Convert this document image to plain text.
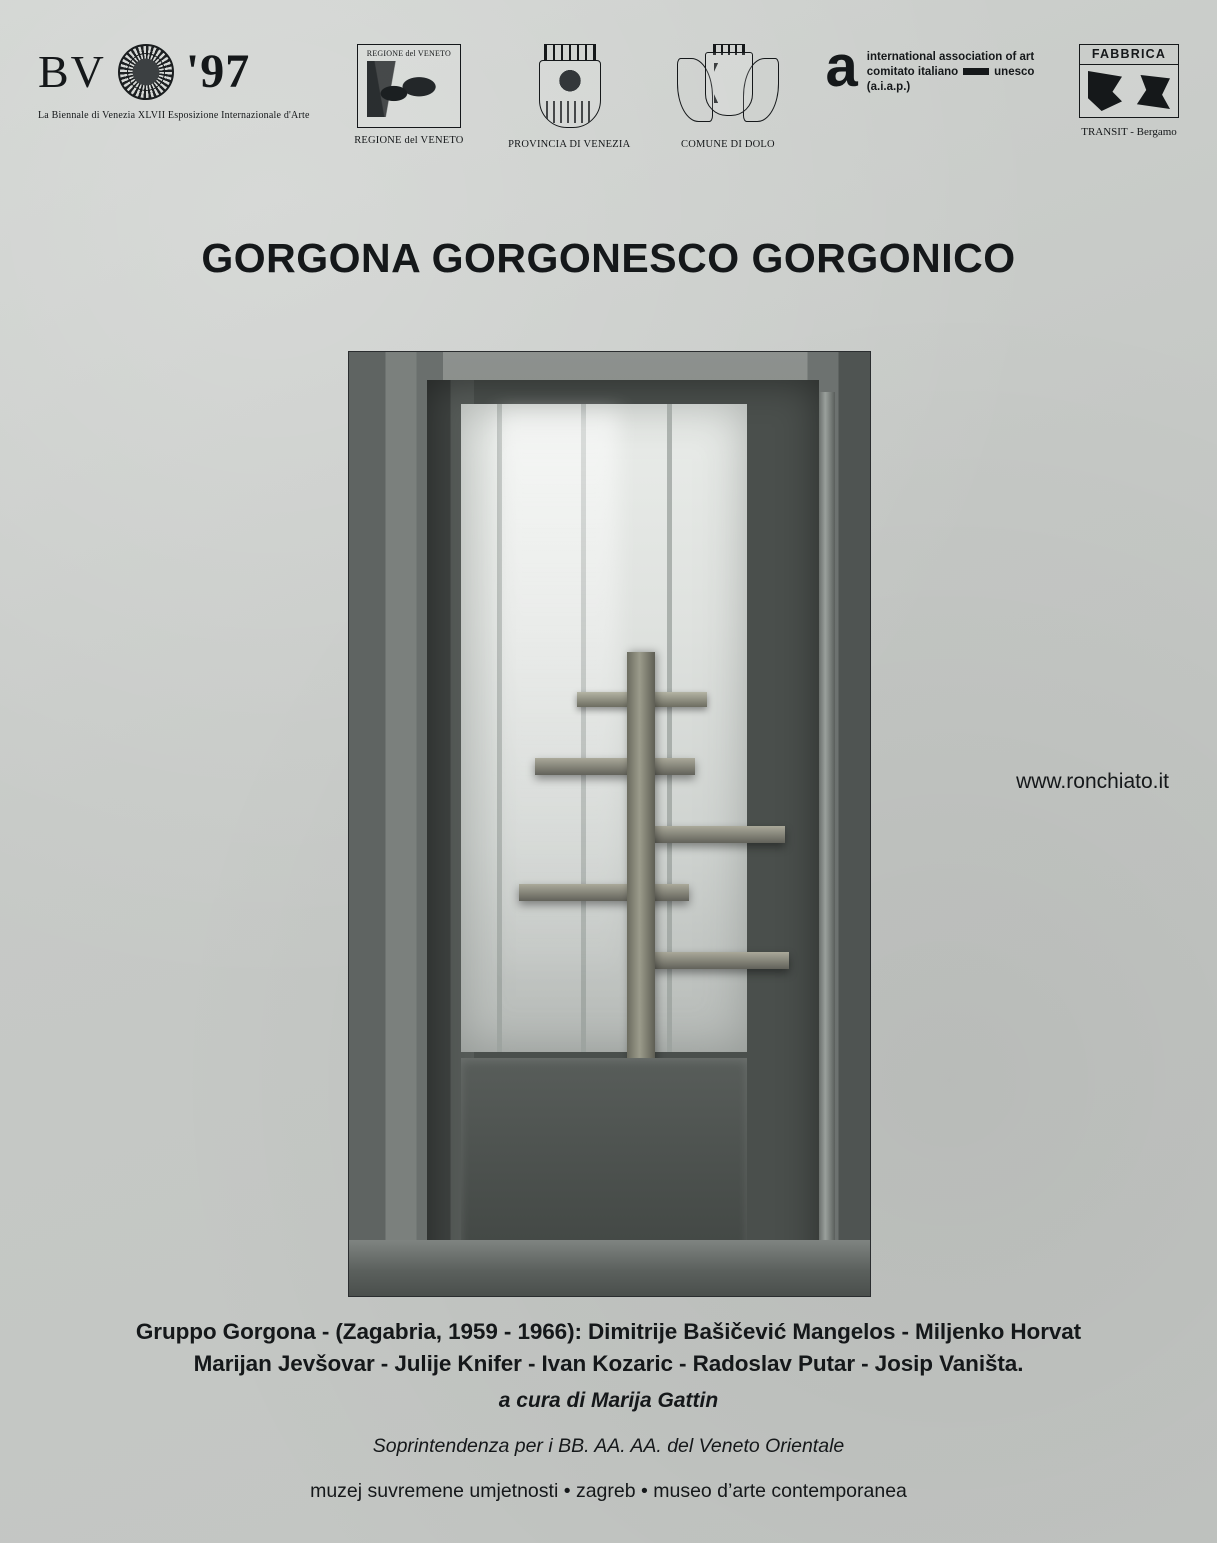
BV '97
La Biennale di Venezia XLVII Esposizione Internazionale d'Arte
REGIONE del VENETO
REGIONE del VENETO	PROVINCIA DI VENEZIA	COMUNE DI DOLO
a international association of art
comitato italiano	unesco
(a.i.a.p.)
FABBRICA
TRANSIT - Bergamo
GORGONA GORGONESCO GORGONICO
www.ronchiato.it
Gruppo Gorgona - (Zagabria, 1959 - 1966): Dimitrije Bašičević Mangelos - Miljenko Horvat
Marijan Jevšovar - Julije Knifer - Ivan Kozaric - Radoslav Putar - Josip Vaništa.
a cura di Marija Gattin
Soprintendenza per i BB. AA. AA. del Veneto Orientale
muzej suvremene umjetnosti • zagreb • museo d’arte contemporanea
